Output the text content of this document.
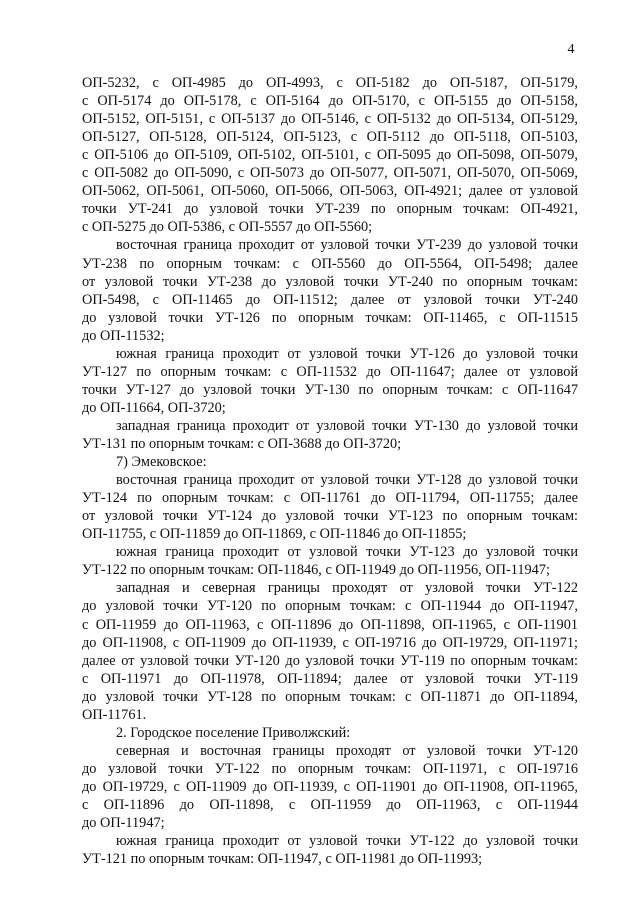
4
ОП-5232, с ОП-4985 до ОП-4993, с ОП-5182 до ОП-5187, ОП-5179,
с ОП-5174 до ОП-5178, с ОП-5164 до ОП-5170, с ОП-5155 до ОП-5158,
ОП-5152, ОП-5151, с ОП-5137 до ОП-5146, с ОП-5132 до ОП-5134, ОП-5129,
ОП-5127, ОП-5128, ОП-5124, ОП-5123, с ОП-5112 до ОП-5118, ОП-5103,
с ОП-5106 до ОП-5109, ОП-5102, ОП-5101, с ОП-5095 до ОП-5098, ОП-5079,
с ОП-5082 до ОП-5090, с ОП-5073 до ОП-5077, ОП-5071, ОП-5070, ОП-5069,
ОП-5062, ОП-5061, ОП-5060, ОП-5066, ОП-5063, ОП-4921; далее от узловой
точки УТ-241 до узловой точки УТ-239 по опорным точкам: ОП-4921,
с ОП-5275 до ОП-5386, с ОП-5557 до ОП-5560;
восточная граница проходит от узловой точки УТ-239 до узловой точки
УТ-238 по опорным точкам: с ОП-5560 до ОП-5564, ОП-5498; далее
от узловой точки УТ-238 до узловой точки УТ-240 по опорным точкам:
ОП-5498, с ОП-11465 до ОП-11512; далее от узловой точки УТ-240
до узловой точки УТ-126 по опорным точкам: ОП-11465, с ОП-11515
до ОП-11532;
южная граница проходит от узловой точки УТ-126 до узловой точки
УТ-127 по опорным точкам: с ОП-11532 до ОП-11647; далее от узловой
точки УТ-127 до узловой точки УТ-130 по опорным точкам: с ОП-11647
до ОП-11664, ОП-3720;
западная граница проходит от узловой точки УТ-130 до узловой точки
УТ-131 по опорным точкам: с ОП-3688 до ОП-3720;
7) Эмековское:
восточная граница проходит от узловой точки УТ-128 до узловой точки
УТ-124 по опорным точкам: с ОП-11761 до ОП-11794, ОП-11755; далее
от узловой точки УТ-124 до узловой точки УТ-123 по опорным точкам:
ОП-11755, с ОП-11859 до ОП-11869, с ОП-11846 до ОП-11855;
южная граница проходит от узловой точки УТ-123 до узловой точки
УТ-122 по опорным точкам: ОП-11846, с ОП-11949 до ОП-11956, ОП-11947;
западная и северная границы проходят от узловой точки УТ-122
до узловой точки УТ-120 по опорным точкам: с ОП-11944 до ОП-11947,
с ОП-11959 до ОП-11963, с ОП-11896 до ОП-11898, ОП-11965, с ОП-11901
до ОП-11908, с ОП-11909 до ОП-11939, с ОП-19716 до ОП-19729, ОП-11971;
далее от узловой точки УТ-120 до узловой точки УТ-119 по опорным точкам:
с ОП-11971 до ОП-11978, ОП-11894; далее от узловой точки УТ-119
до узловой точки УТ-128 по опорным точкам: с ОП-11871 до ОП-11894,
ОП-11761.
2. Городское поселение Приволжский:
северная и восточная границы проходят от узловой точки УТ-120
до узловой точки УТ-122 по опорным точкам: ОП-11971, с ОП-19716
до ОП-19729, с ОП-11909 до ОП-11939, с ОП-11901 до ОП-11908, ОП-11965,
с ОП-11896 до ОП-11898, с ОП-11959 до ОП-11963, с ОП-11944
до ОП-11947;
южная граница проходит от узловой точки УТ-122 до узловой точки
УТ-121 по опорным точкам: ОП-11947, с ОП-11981 до ОП-11993;
